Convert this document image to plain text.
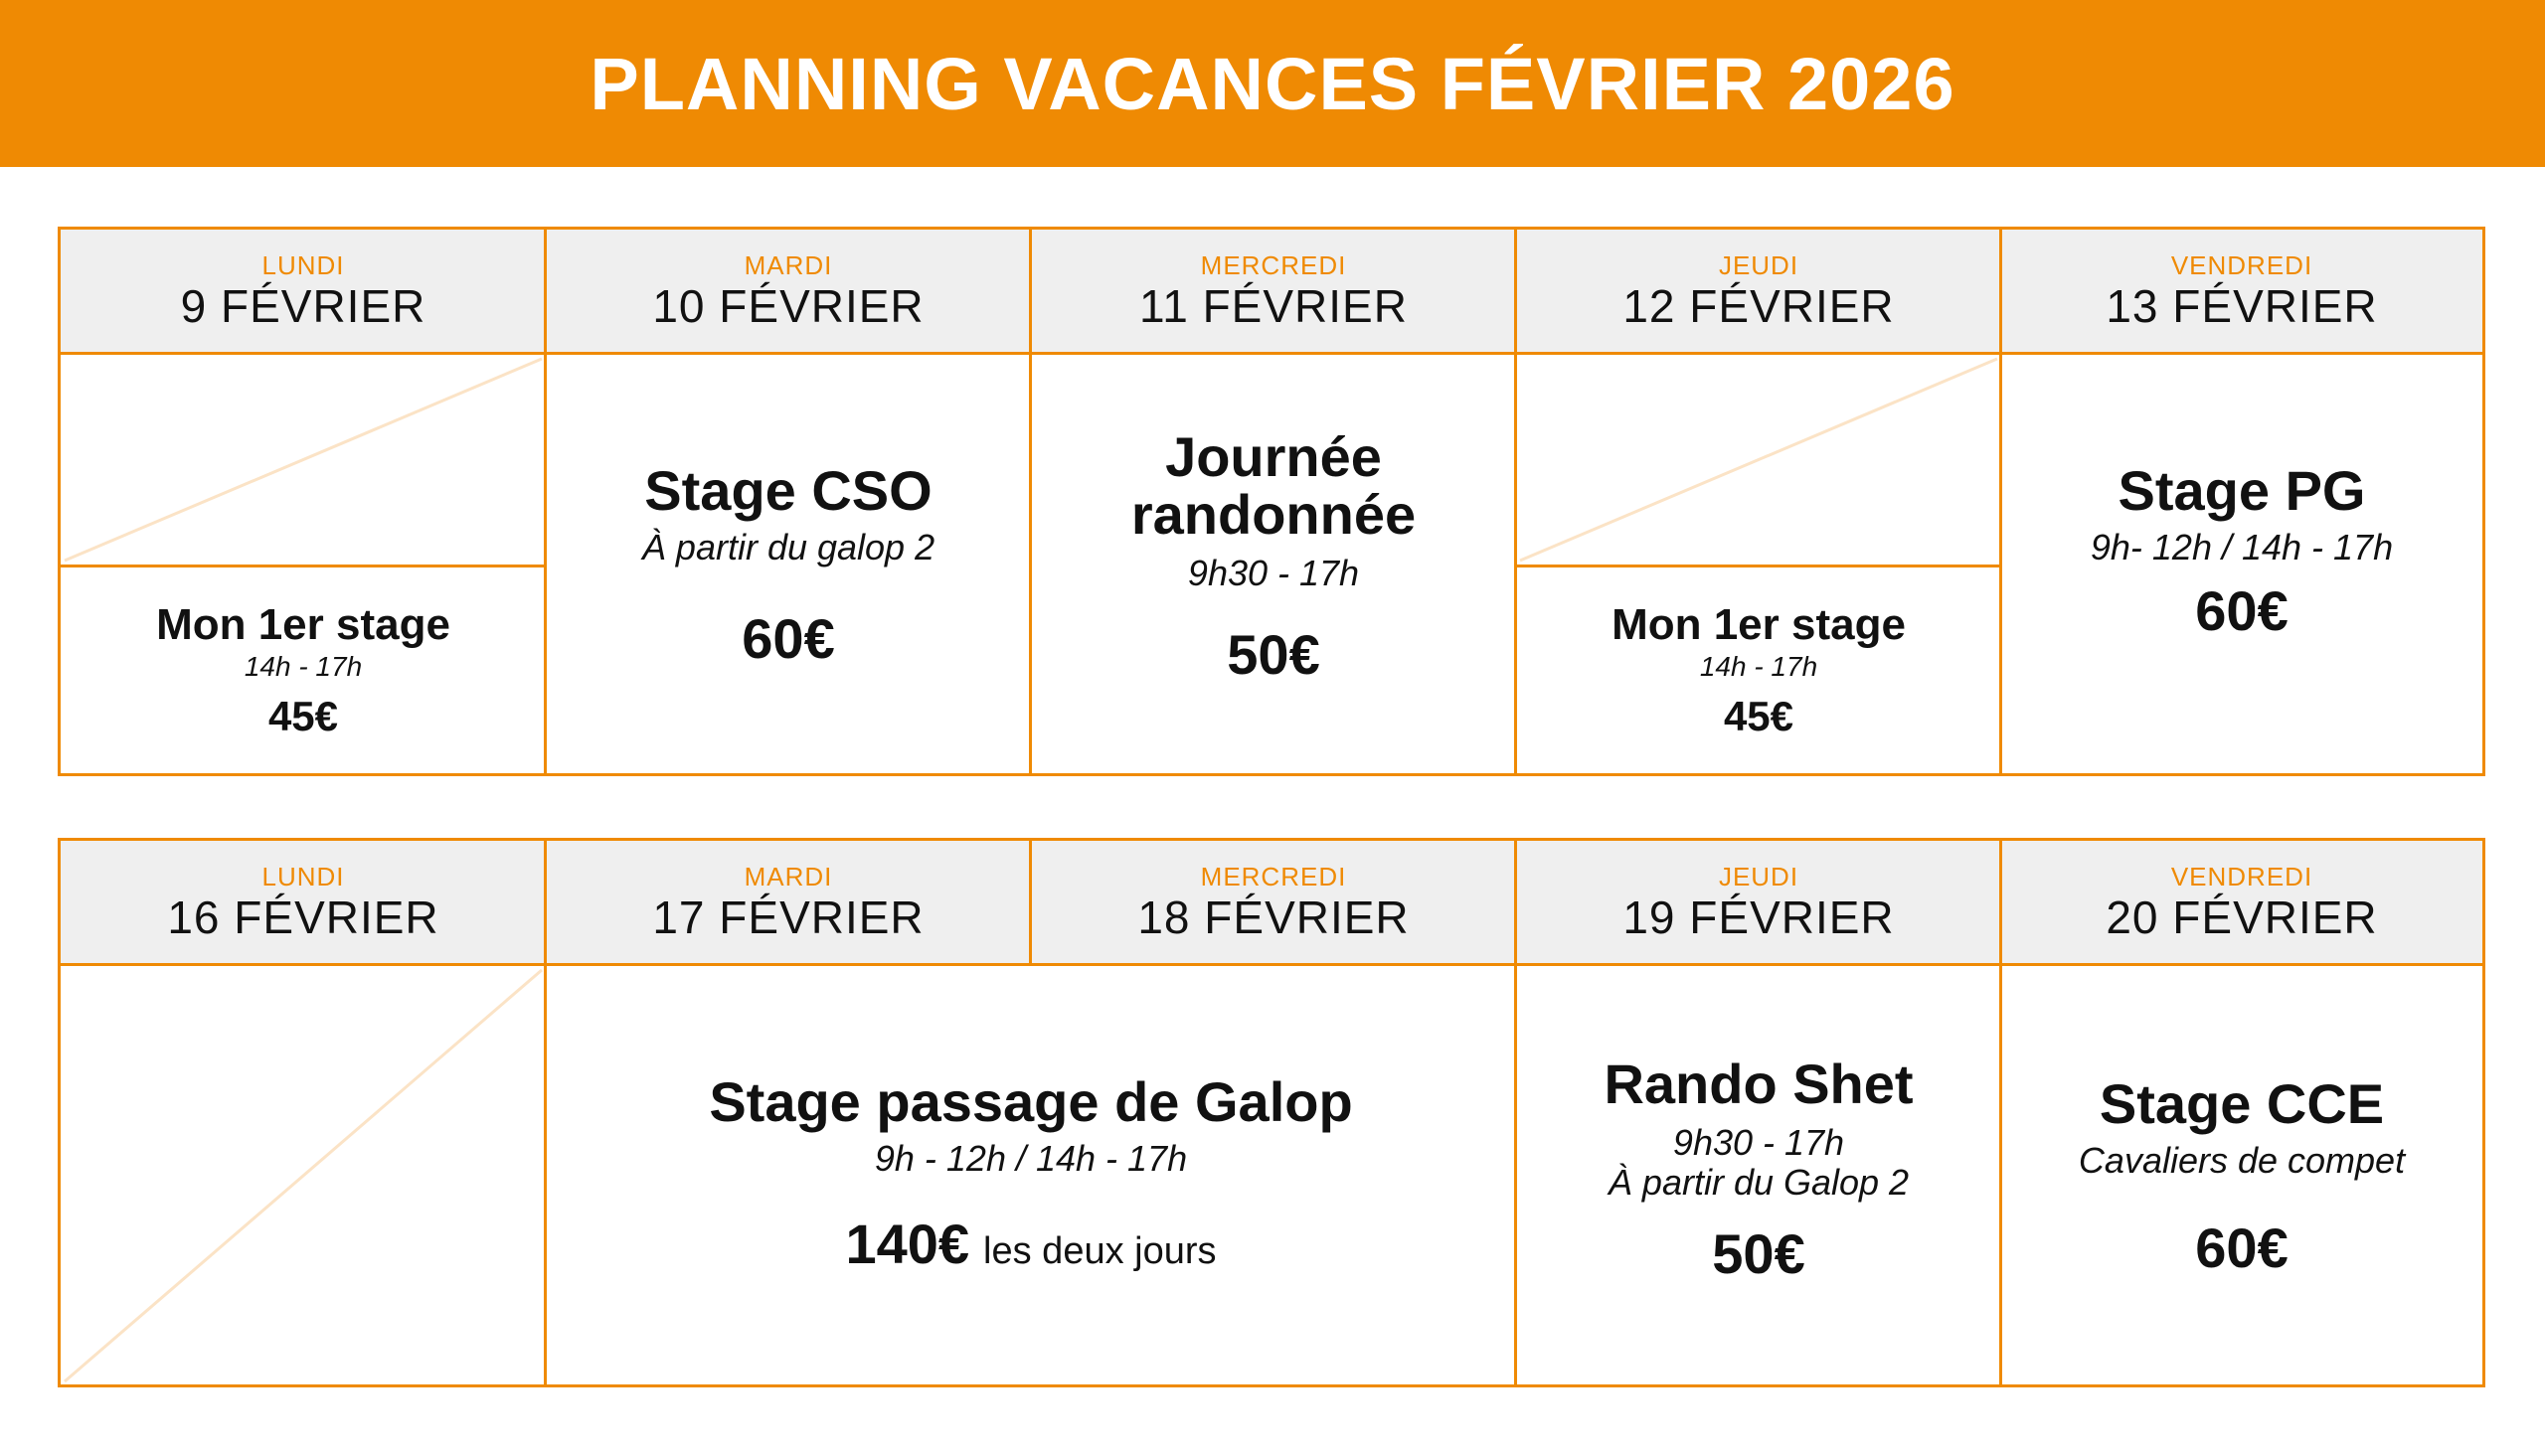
PLANNING VACANCES FÉVRIER 2026
LUNDI
9 FÉVRIER
MARDI
10 FÉVRIER
MERCREDI
11 FÉVRIER
JEUDI
12 FÉVRIER
VENDREDI
13 FÉVRIER
Mon 1er stage
14h - 17h
45€
Stage CSO
À partir du galop 2
60€
Journée
randonnée
9h30 - 17h
50€	Mon 1er stage
14h - 17h
45€
Stage PG
9h- 12h / 14h - 17h
60€
LUNDI
16 FÉVRIER
MARDI
17 FÉVRIER
MERCREDI
18 FÉVRIER
JEUDI
19 FÉVRIER
VENDREDI
20 FÉVRIER
Stage passage de Galop
9h - 12h / 14h - 17h
140€ les deux jours
Rando Shet
9h30 - 17h
À partir du Galop 2
50€
Stage CCE
Cavaliers de compet
60€
